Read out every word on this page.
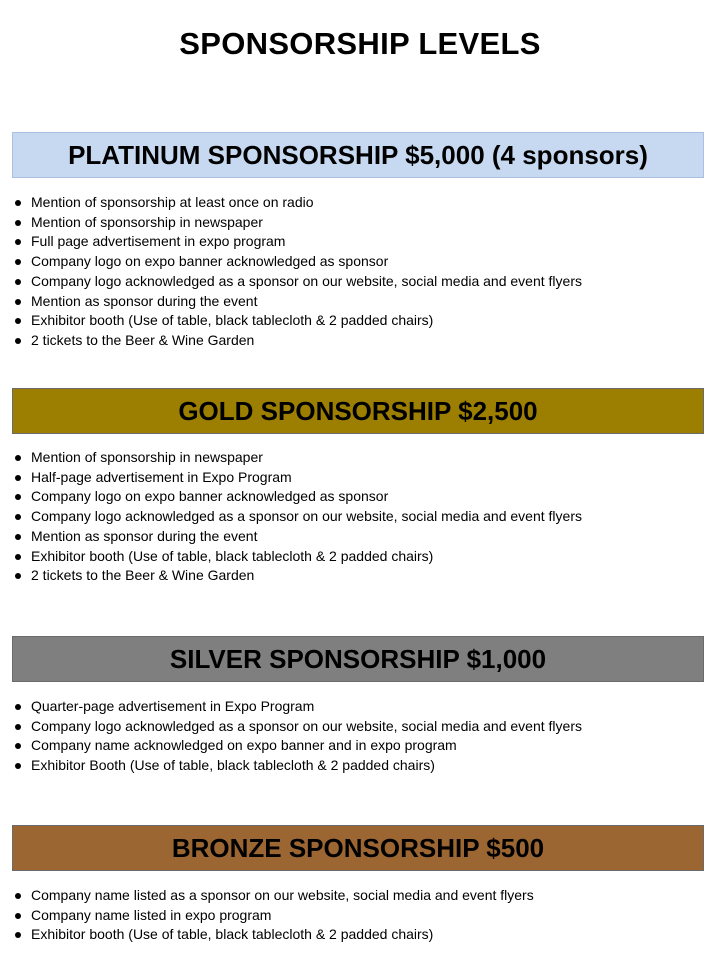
SPONSORSHIP LEVELS
PLATINUM SPONSORSHIP $5,000 (4 sponsors)
Mention of sponsorship at least once on radio
Mention of sponsorship in newspaper
Full page advertisement in expo program
Company logo on expo banner acknowledged as sponsor
Company logo acknowledged as a sponsor on our website, social media and event flyers
Mention as sponsor during the event
Exhibitor booth (Use of table, black tablecloth & 2 padded chairs)
2 tickets to the Beer & Wine Garden
GOLD SPONSORSHIP $2,500
Mention of sponsorship in newspaper
Half-page advertisement in Expo Program
Company logo on expo banner acknowledged as sponsor
Company logo acknowledged as a sponsor on our website, social media and event flyers
Mention as sponsor during the event
Exhibitor booth (Use of table, black tablecloth & 2 padded chairs)
2 tickets to the Beer & Wine Garden
SILVER SPONSORSHIP $1,000
Quarter-page advertisement in Expo Program
Company logo acknowledged as a sponsor on our website, social media and event flyers
Company name acknowledged on expo banner and in expo program
Exhibitor Booth (Use of table, black tablecloth & 2 padded chairs)
BRONZE SPONSORSHIP $500
Company name listed as a sponsor on our website, social media and event flyers
Company name listed in expo program
Exhibitor booth (Use of table, black tablecloth & 2 padded chairs)
